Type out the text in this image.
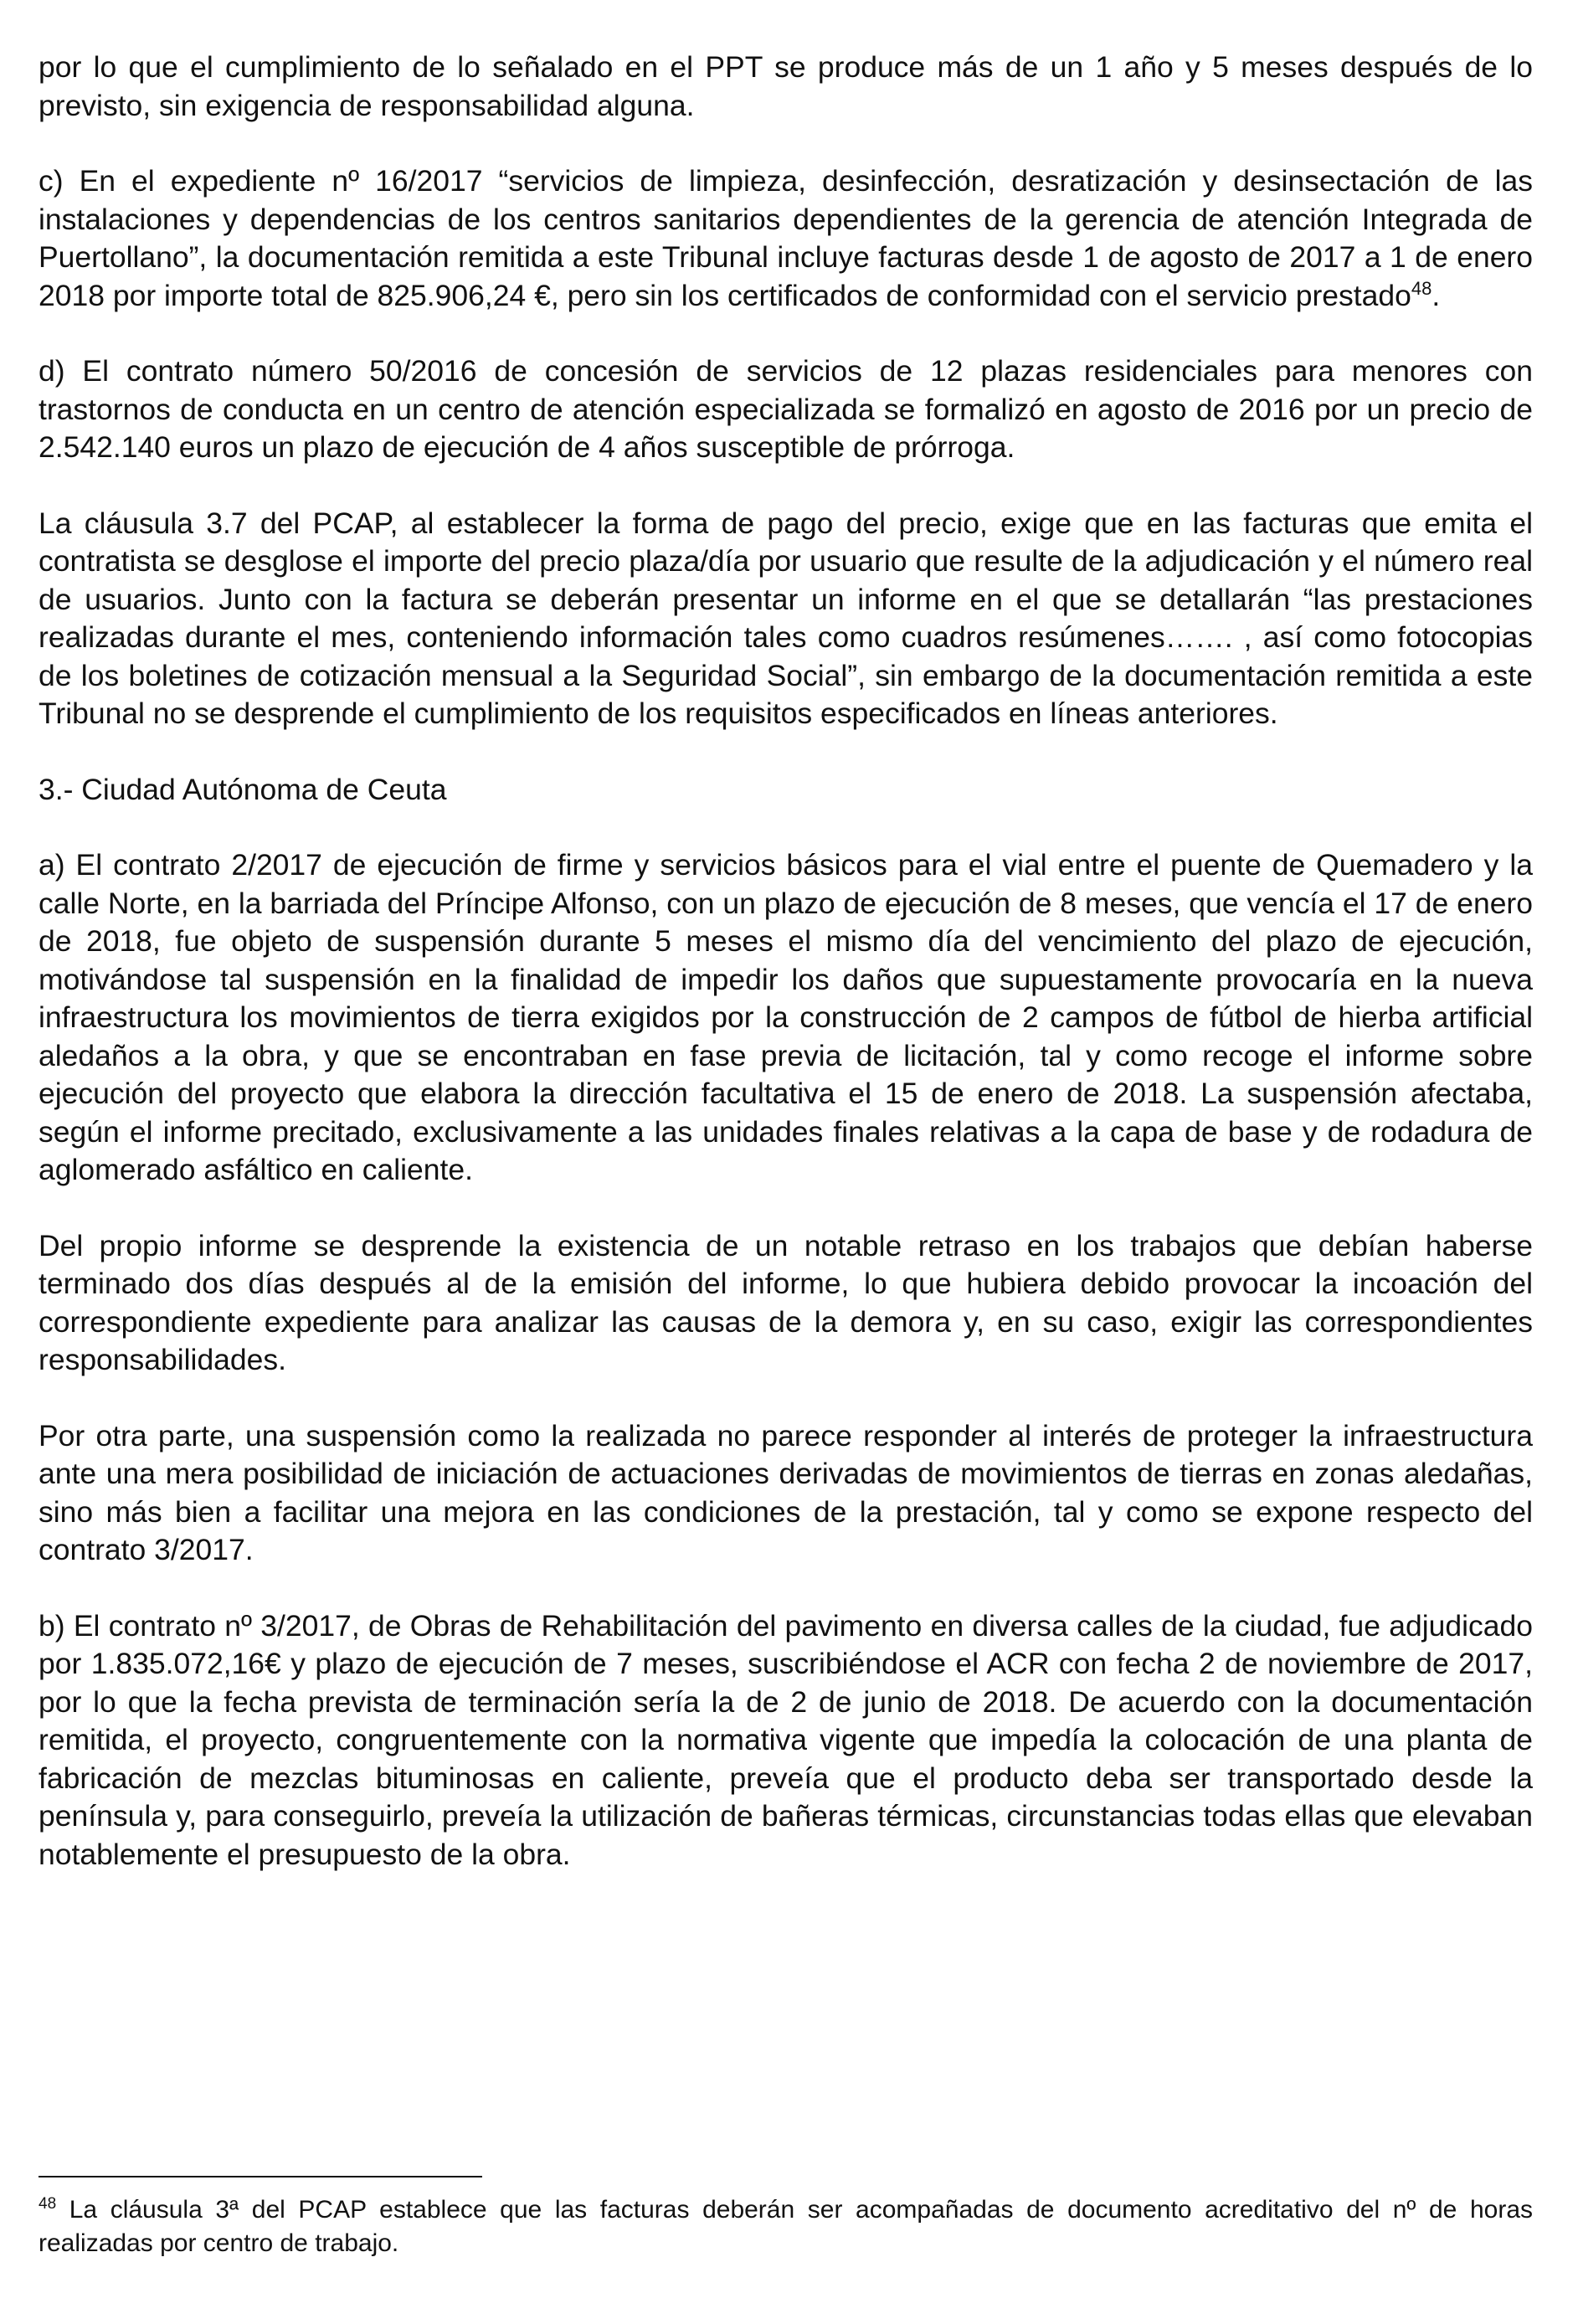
por lo que el cumplimiento de lo señalado en el PPT se produce más de un 1 año y 5 meses después de lo previsto, sin exigencia de responsabilidad alguna.

c) En el expediente nº 16/2017 “servicios de limpieza, desinfección, desratización y desinsectación de las instalaciones y dependencias de los centros sanitarios dependientes de la gerencia de atención Integrada de Puertollano”, la documentación remitida a este Tribunal incluye facturas desde 1 de agosto de 2017 a 1 de enero 2018 por importe total de 825.906,24 €, pero sin los certificados de conformidad con el servicio prestado$^{48}$.

d) El contrato número 50/2016 de concesión de servicios de 12 plazas residenciales para menores con trastornos de conducta en un centro de atención especializada se formalizó en agosto de 2016 por un precio de 2.542.140 euros un plazo de ejecución de 4 años susceptible de prórroga.

La cláusula 3.7 del PCAP, al establecer la forma de pago del precio, exige que en las facturas que emita el contratista se desglose el importe del precio plaza/día por usuario que resulte de la adjudicación y el número real de usuarios. Junto con la factura se deberán presentar un informe en el que se detallarán “las prestaciones realizadas durante el mes, conteniendo información tales como cuadros resúmenes……. , así como fotocopias de los boletines de cotización mensual a la Seguridad Social”, sin embargo de la documentación remitida a este Tribunal no se desprende el cumplimiento de los requisitos especificados en líneas anteriores.

3.- Ciudad Autónoma de Ceuta

a) El contrato 2/2017 de ejecución de firme y servicios básicos para el vial entre el puente de Quemadero y la calle Norte, en la barriada del Príncipe Alfonso, con un plazo de ejecución de 8 meses, que vencía el 17 de enero de 2018, fue objeto de suspensión durante 5 meses el mismo día del vencimiento del plazo de ejecución, motivándose tal suspensión en la finalidad de impedir los daños que supuestamente provocaría en la nueva infraestructura los movimientos de tierra exigidos por la construcción de 2 campos de fútbol de hierba artificial aledaños a la obra, y que se encontraban en fase previa de licitación, tal y como recoge el informe sobre ejecución del proyecto que elabora la dirección facultativa el 15 de enero de 2018. La suspensión afectaba, según el informe precitado, exclusivamente a las unidades finales relativas a la capa de base y de rodadura de aglomerado asfáltico en caliente.

Del propio informe se desprende la existencia de un notable retraso en los trabajos que debían haberse terminado dos días después al de la emisión del informe, lo que hubiera debido provocar la incoación del correspondiente expediente para analizar las causas de la demora y, en su caso, exigir las correspondientes responsabilidades.

Por otra parte, una suspensión como la realizada no parece responder al interés de proteger la infraestructura ante una mera posibilidad de iniciación de actuaciones derivadas de movimientos de tierras en zonas aledañas, sino más bien a facilitar una mejora en las condiciones de la prestación, tal y como se expone respecto del contrato 3/2017.

b) El contrato nº 3/2017, de Obras de Rehabilitación del pavimento en diversa calles de la ciudad, fue adjudicado por 1.835.072,16€ y plazo de ejecución de 7 meses, suscribiéndose el ACR con fecha 2 de noviembre de 2017, por lo que la fecha prevista de terminación sería la de 2 de junio de 2018. De acuerdo con la documentación remitida, el proyecto, congruentemente con la normativa vigente que impedía la colocación de una planta de fabricación de mezclas bituminosas en caliente, preveía que el producto deba ser transportado desde la península y, para conseguirlo, preveía la utilización de bañeras térmicas, circunstancias todas ellas que elevaban notablemente el presupuesto de la obra.

$^{48}$ La cláusula 3ª del PCAP establece que las facturas deberán ser acompañadas de documento acreditativo del nº de horas realizadas por centro de trabajo.
